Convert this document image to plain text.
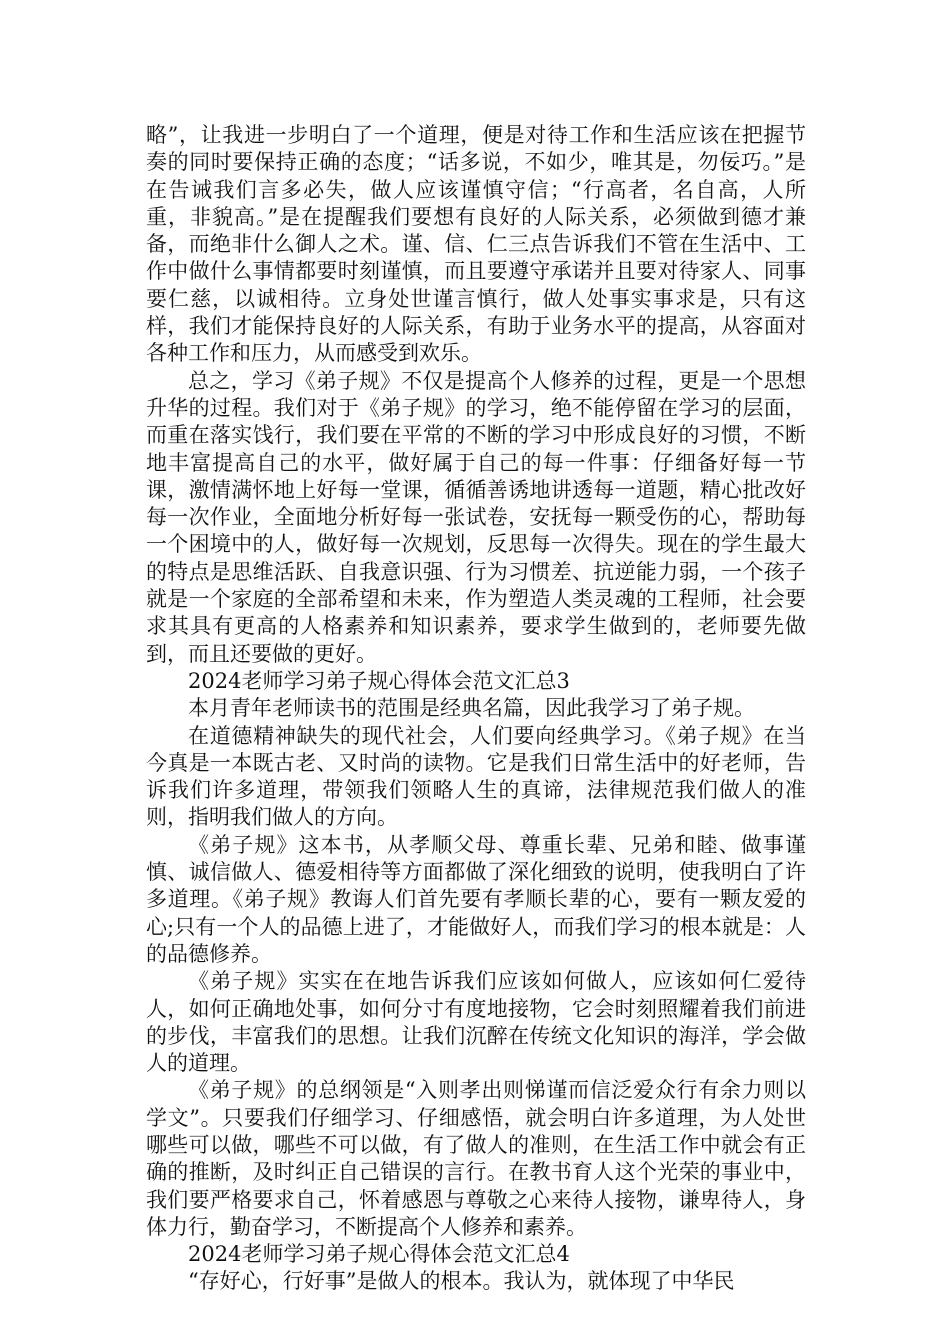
略”，让我进一步明白了一个道理，便是对待工作和生活应该在把握节奏的同时要保持正确的态度；“话多说，不如少，唯其是，勿佞巧。”是在告诫我们言多必失，做人应该谨慎守信；“行高者，名自高，人所重，非貌高。”是在提醒我们要想有良好的人际关系，必须做到德才兼备，而绝非什么御人之术。谨、信、仁三点告诉我们不管在生活中、工作中做什么事情都要时刻谨慎，而且要遵守承诺并且要对待家人、同事要仁慈，以诚相待。立身处世谨言慎行，做人处事实事求是，只有这样，我们才能保持良好的人际关系，有助于业务水平的提高，从容面对各种工作和压力，从而感受到欢乐。

总之，学习《弟子规》不仅是提高个人修养的过程，更是一个思想升华的过程。我们对于《弟子规》的学习，绝不能停留在学习的层面，而重在落实饯行，我们要在平常的不断的学习中形成良好的习惯，不断地丰富提高自己的水平，做好属于自己的每一件事：仔细备好每一节课，激情满怀地上好每一堂课，循循善诱地讲透每一道题，精心批改好每一次作业，全面地分析好每一张试卷，安抚每一颗受伤的心，帮助每一个困境中的人，做好每一次规划，反思每一次得失。现在的学生最大的特点是思维活跃、自我意识强、行为习惯差、抗逆能力弱，一个孩子就是一个家庭的全部希望和未来，作为塑造人类灵魂的工程师，社会要求其具有更高的人格素养和知识素养，要求学生做到的，老师要先做到，而且还要做的更好。

2024老师学习弟子规心得体会范文汇总3

本月青年老师读书的范围是经典名篇，因此我学习了弟子规。

在道德精神缺失的现代社会，人们要向经典学习。《弟子规》在当今真是一本既古老、又时尚的读物。它是我们日常生活中的好老师，告诉我们许多道理，带领我们领略人生的真谛，法律规范我们做人的准则，指明我们做人的方向。

《弟子规》这本书，从孝顺父母、尊重长辈、兄弟和睦、做事谨慎、诚信做人、德爱相待等方面都做了深化细致的说明，使我明白了许多道理。《弟子规》教诲人们首先要有孝顺长辈的心，要有一颗友爱的心;只有一个人的品德上进了，才能做好人，而我们学习的根本就是：人的品德修养。

《弟子规》实实在在地告诉我们应该如何做人，应该如何仁爱待人，如何正确地处事，如何分寸有度地接物，它会时刻照耀着我们前进的步伐，丰富我们的思想。让我们沉醉在传统文化知识的海洋，学会做人的道理。

《弟子规》的总纲领是“入则孝出则悌谨而信泛爱众行有余力则以学文”。只要我们仔细学习、仔细感悟，就会明白许多道理，为人处世哪些可以做，哪些不可以做，有了做人的准则，在生活工作中就会有正确的推断，及时纠正自己错误的言行。在教书育人这个光荣的事业中，我们要严格要求自己，怀着感恩与尊敬之心来待人接物，谦卑待人，身体力行，勤奋学习，不断提高个人修养和素养。

2024老师学习弟子规心得体会范文汇总4

“存好心，行好事”是做人的根本。我认为，就体现了中华民
